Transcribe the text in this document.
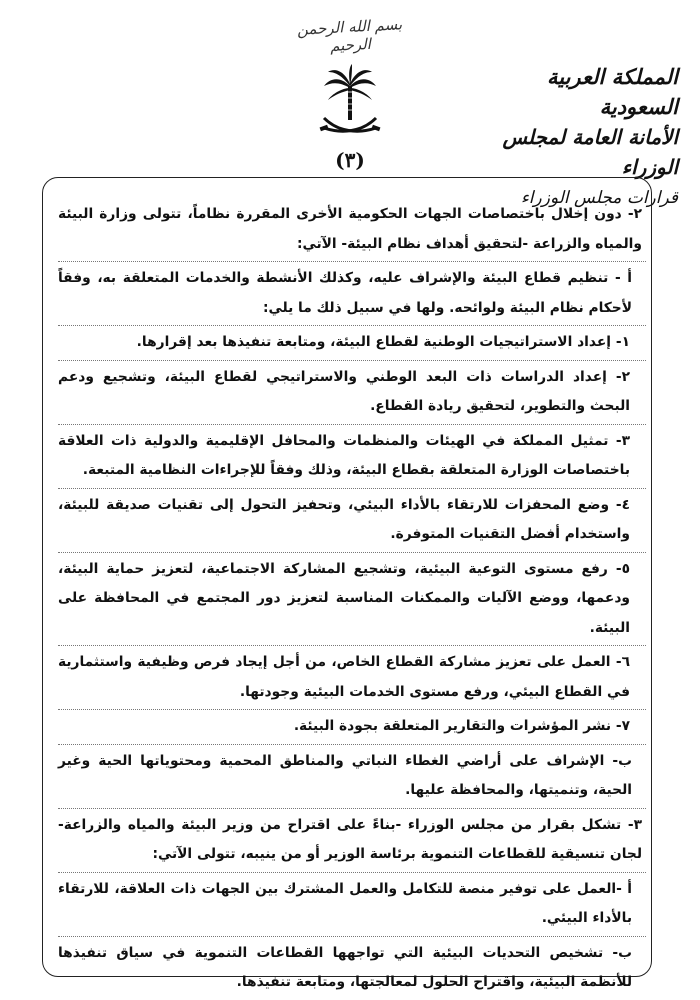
بسم الله الرحمن الرحيم
(٣)
المملكة العربية السعودية
الأمانة العامة لمجلس الوزراء
قرارات مجلس الوزراء

٢- دون إخلال باختصاصات الجهات الحكومية الأخرى المقررة نظاماً، تتولى وزارة البيئة والمياه والزراعة -لتحقيق أهداف نظام البيئة- الآتي:

أ - تنظيم قطاع البيئة والإشراف عليه، وكذلك الأنشطة والخدمات المتعلقة به، وفقاً لأحكام نظام البيئة ولوائحه. ولها في سبيل ذلك ما يلي:

١- إعداد الاستراتيجيات الوطنية لقطاع البيئة، ومتابعة تنفيذها بعد إقرارها.

٢- إعداد الدراسات ذات البعد الوطني والاستراتيجي لقطاع البيئة، وتشجيع ودعم البحث والتطوير، لتحقيق ريادة القطاع.

٣- تمثيل المملكة في الهيئات والمنظمات والمحافل الإقليمية والدولية ذات العلاقة باختصاصات الوزارة المتعلقة بقطاع البيئة، وذلك وفقاً للإجراءات النظامية المتبعة.

٤- وضع المحفزات للارتقاء بالأداء البيئي، وتحفيز التحول إلى تقنيات صديقة للبيئة، واستخدام أفضل التقنيات المتوفرة.

٥- رفع مستوى التوعية البيئية، وتشجيع المشاركة الاجتماعية، لتعزيز حماية البيئة، ودعمها، ووضع الآليات والممكنات المناسبة لتعزيز دور المجتمع في المحافظة على البيئة.

٦- العمل على تعزيز مشاركة القطاع الخاص، من أجل إيجاد فرص وظيفية واستثمارية في القطاع البيئي، ورفع مستوى الخدمات البيئية وجودتها.

٧- نشر المؤشرات والتقارير المتعلقة بجودة البيئة.

ب- الإشراف على أراضي الغطاء النباتي والمناطق المحمية ومحتوياتها الحية وغير الحية، وتنميتها، والمحافظة عليها.

٣- تشكل بقرار من مجلس الوزراء -بناءً على اقتراح من وزير البيئة والمياه والزراعة- لجان تنسيقية للقطاعات التنموية برئاسة الوزير أو من ينيبه، تتولى الآتي:

أ -العمل على توفير منصة للتكامل والعمل المشترك بين الجهات ذات العلاقة، للارتقاء بالأداء البيئي.

ب- تشخيص التحديات البيئية التي تواجهها القطاعات التنموية في سياق تنفيذها للأنظمة البيئية، واقتراح الحلول لمعالجتها، ومتابعة تنفيذها.
